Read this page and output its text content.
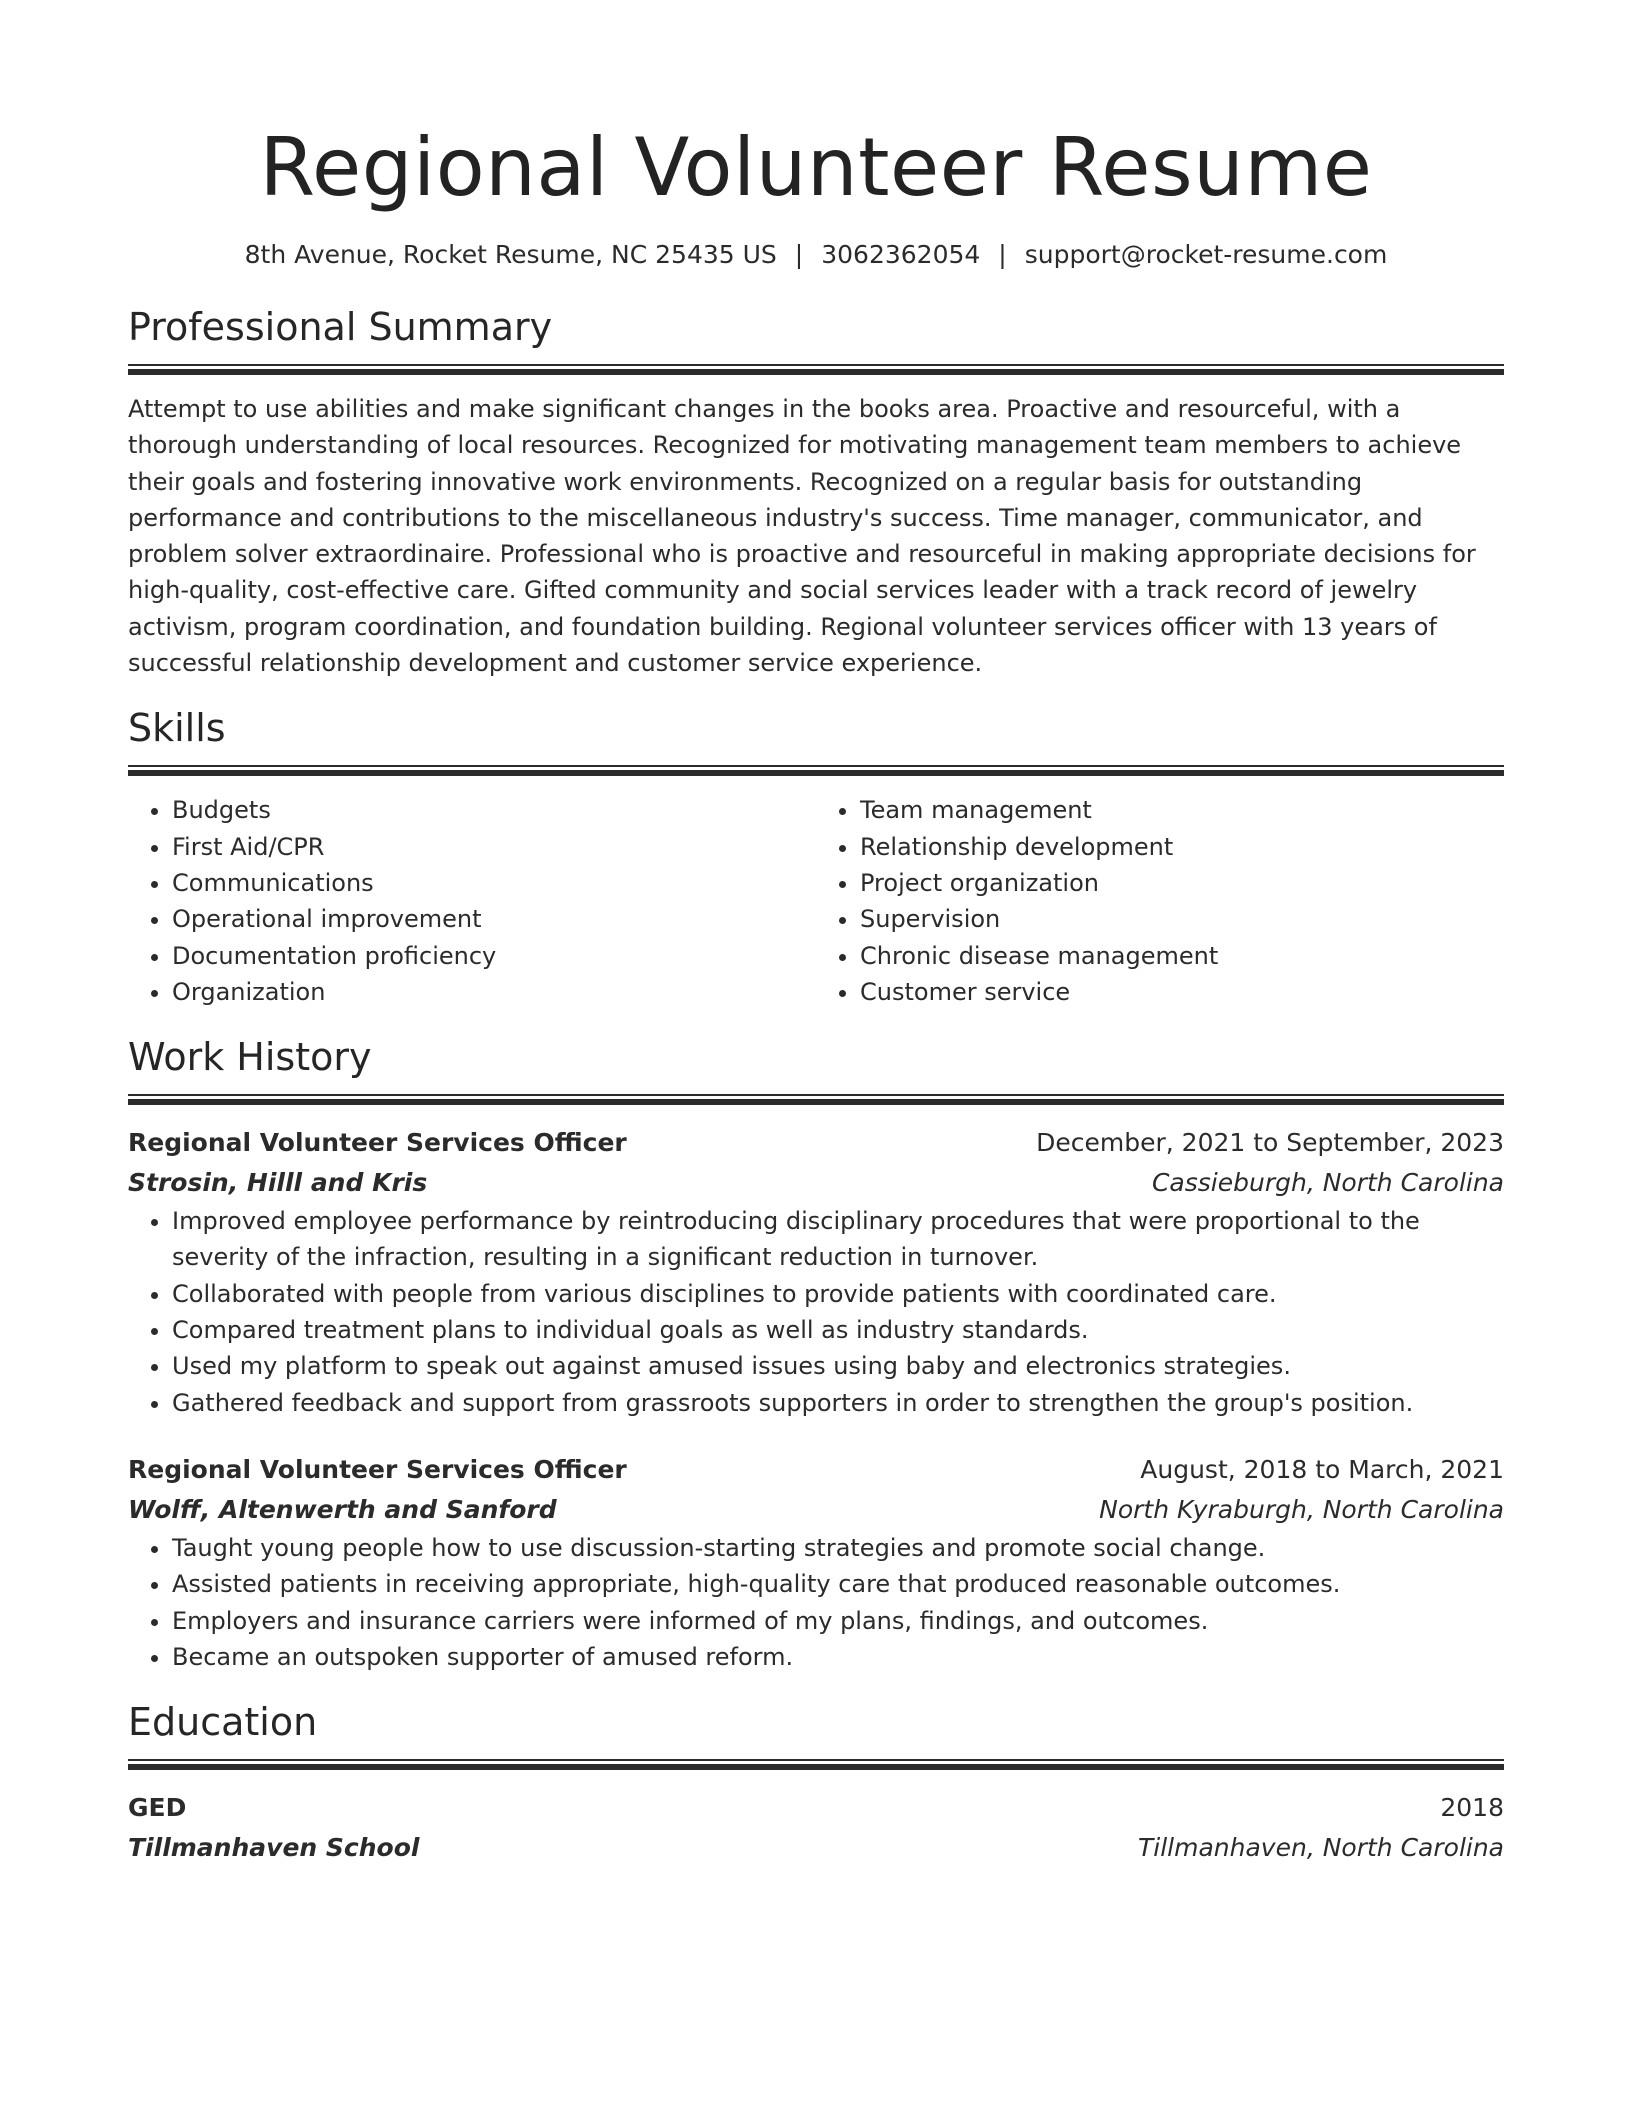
Regional Volunteer Resume
8th Avenue, Rocket Resume, NC 25435 US | 3062362054 | support@rocket-resume.com
Professional Summary

Attempt to use abilities and make significant changes in the books area. Proactive and resourceful, with a thorough understanding of local resources. Recognized for motivating management team members to achieve their goals and fostering innovative work environments. Recognized on a regular basis for outstanding performance and contributions to the miscellaneous industry's success. Time manager, communicator, and problem solver extraordinaire. Professional who is proactive and resourceful in making appropriate decisions for high-quality, cost-effective care. Gifted community and social services leader with a track record of jewelry activism, program coordination, and foundation building. Regional volunteer services officer with 13 years of successful relationship development and customer service experience.

Skills
• Budgets
• First Aid/CPR
• Communications
• Operational improvement
• Documentation proficiency
• Organization
• Team management
• Relationship development
• Project organization
• Supervision
• Chronic disease management
• Customer service
Work History
Regional Volunteer Services Officer	December, 2021 to September, 2023
Strosin, Hilll and Kris	Cassieburgh, North Carolina
• Improved employee performance by reintroducing disciplinary procedures that were proportional to the severity of the infraction, resulting in a significant reduction in turnover.
• Collaborated with people from various disciplines to provide patients with coordinated care.
• Compared treatment plans to individual goals as well as industry standards.
• Used my platform to speak out against amused issues using baby and electronics strategies.
• Gathered feedback and support from grassroots supporters in order to strengthen the group's position.
Regional Volunteer Services Officer	August, 2018 to March, 2021
Wolff, Altenwerth and Sanford	North Kyraburgh, North Carolina
• Taught young people how to use discussion-starting strategies and promote social change.
• Assisted patients in receiving appropriate, high-quality care that produced reasonable outcomes.
• Employers and insurance carriers were informed of my plans, findings, and outcomes.
• Became an outspoken supporter of amused reform.
Education
GED	2018
Tillmanhaven School	Tillmanhaven, North Carolina
